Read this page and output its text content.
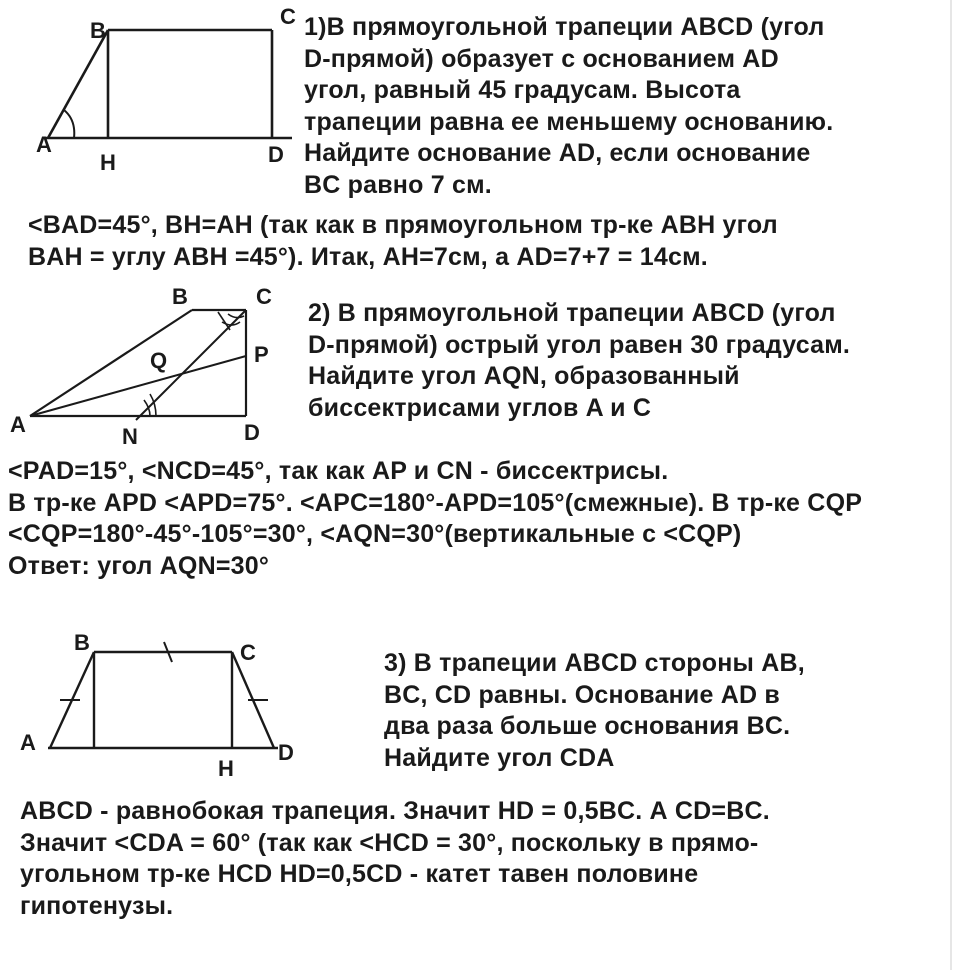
A
B
C
H	D
1)В прямоугольной трапеции ABCD (угол
D-прямой) образует с основанием AD
угол, равный 45 градусам. Высота
трапеции равна ее меньшему основанию.
Найдите основание AD, если основание
BC равно 7 см.
<BAD=45°, BH=AH (так как в прямоугольном тр-ке ABH угол
BAH = углу ABH =45°). Итак, AH=7см, а AD=7+7 = 14см.
A
B	C
Q	P
N	D
2) В прямоугольной трапеции ABCD (угол
D-прямой) острый угол равен 30 градусам.
Найдите угол AQN, образованный
биссектрисами углов A и C
<PAD=15°, <NCD=45°, так как AP и CN - биссектрисы.
В тр-ке APD <APD=75°. <APC=180°-APD=105°(смежные). В тр-ке CQP
<CQP=180°-45°-105°=30°, <AQN=30°(вертикальные с <CQP)
Ответ: угол AQN=30°
A
B	C
H
D
3) В трапеции ABCD стороны AB,
BC, CD равны. Основание AD в
два раза больше основания BC.
Найдите угол CDA
ABCD - равнобокая трапеция. Значит HD = 0,5BC. А CD=BC.
Значит <CDA = 60° (так как <HCD = 30°, поскольку в прямо-
угольном тр-ке HCD HD=0,5CD - катет тавен половине
гипотенузы.
